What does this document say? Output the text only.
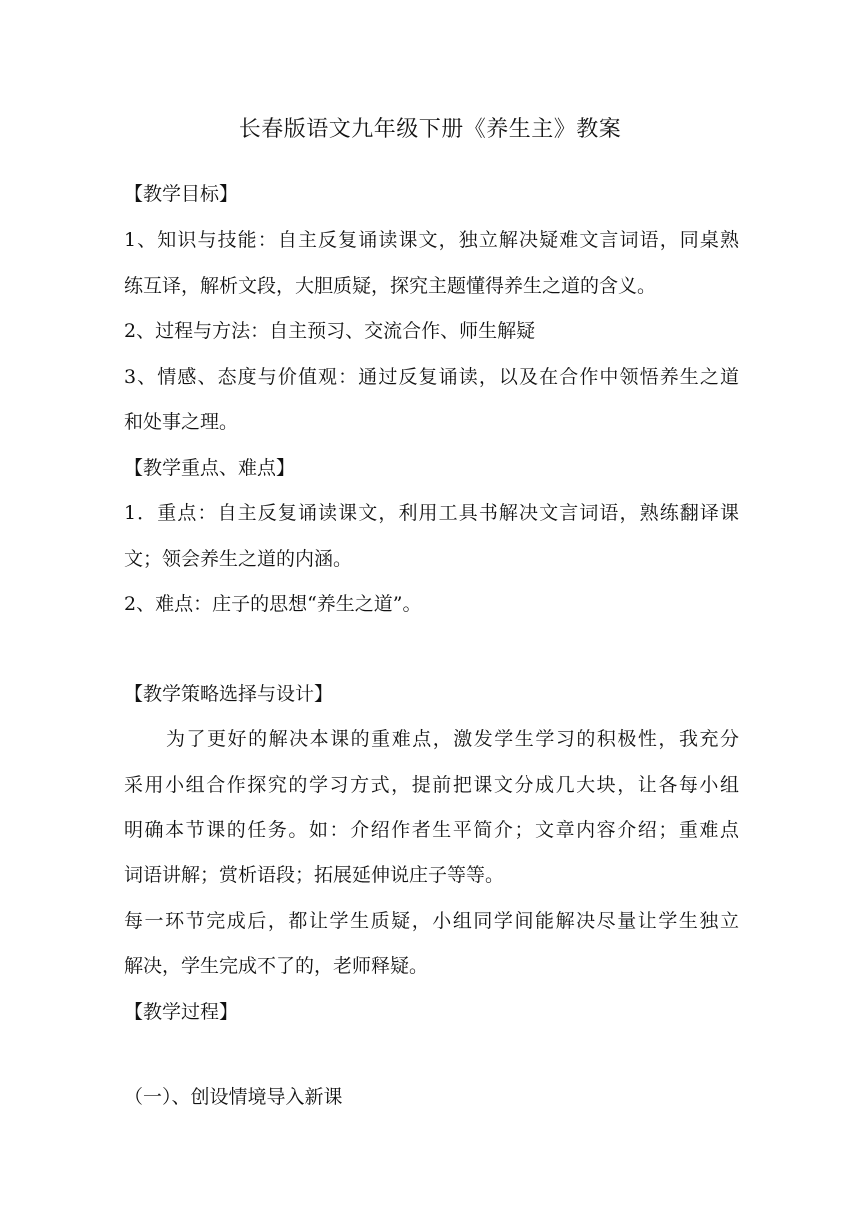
长春版语文九年级下册《养生主》教案
【教学目标】
1、知识与技能：自主反复诵读课文，独立解决疑难文言词语，同桌熟
练互译，解析文段，大胆质疑，探究主题懂得养生之道的含义。
2、过程与方法：自主预习、交流合作、师生解疑
3、情感、态度与价值观：通过反复诵读，以及在合作中领悟养生之道
和处事之理。
【教学重点、难点】
1．重点：自主反复诵读课文，利用工具书解决文言词语，熟练翻译课
文；领会养生之道的内涵。
2、难点：庄子的思想“养生之道”。
【教学策略选择与设计】
为了更好的解决本课的重难点，激发学生学习的积极性，我充分
采用小组合作探究的学习方式，提前把课文分成几大块，让各每小组
明确本节课的任务。如：介绍作者生平简介；文章内容介绍；重难点
词语讲解；赏析语段；拓展延伸说庄子等等。
每一环节完成后，都让学生质疑，小组同学间能解决尽量让学生独立
解决，学生完成不了的，老师释疑。
【教学过程】
（一）、创设情境导入新课
